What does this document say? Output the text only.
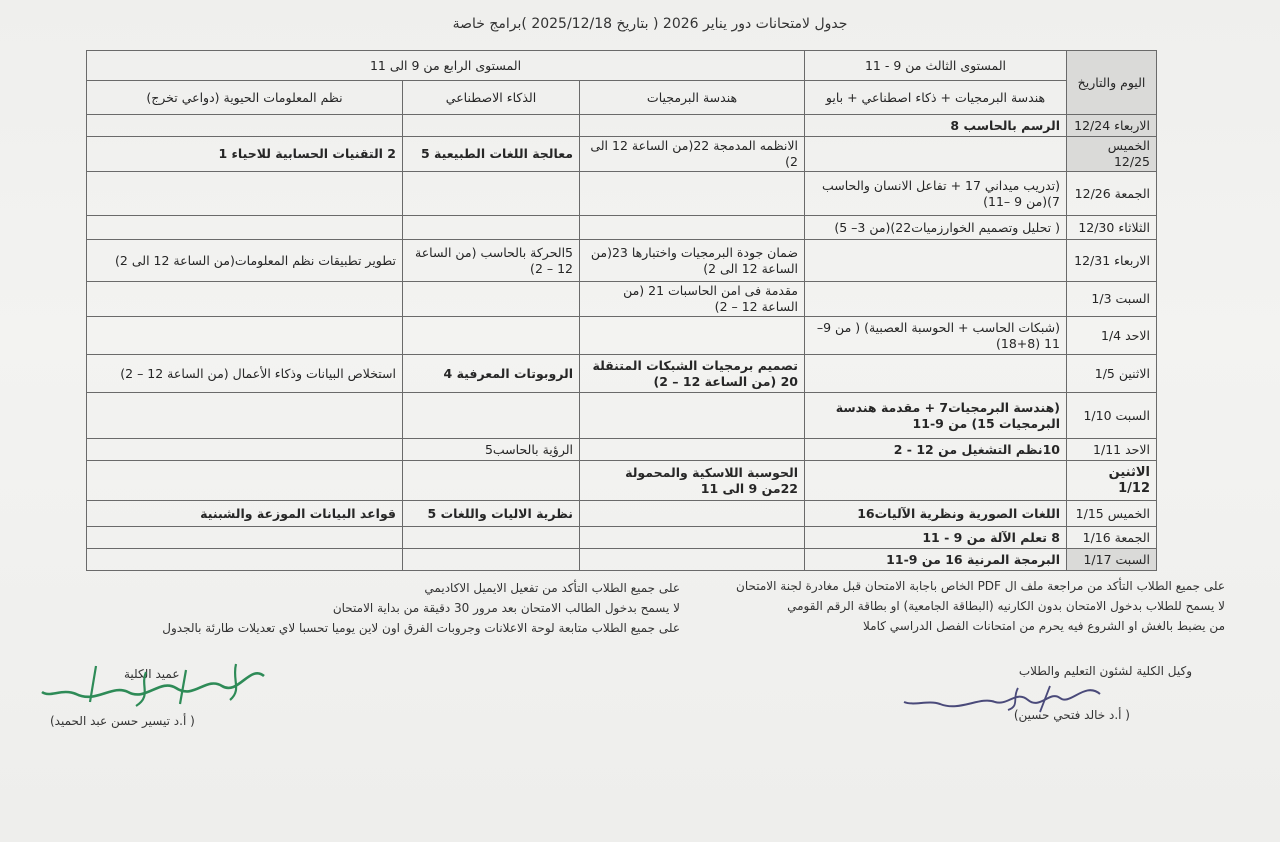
جدول لامتحانات دور يناير 2026 ( بتاريخ 2025/12/18 )برامج خاصة
اليوم والتاريخ	المستوى الثالث من 9 - 11	المستوى الرابع من 9 الى 11		
	هندسة البرمجيات + ذكاء اصطناعي + بايو	هندسة البرمجيات	الذكاء الاصطناعي	نظم المعلومات الحيوية (دواعي تخرج)
الاربعاء 12/24	الرسم بالحاسب 8			
الخميس 12/25		الانظمه المدمجة 22(من الساعة 12 الى 2)	معالجة اللغات الطبيعية 5	2 التقنيات الحسابية للاحياء 1
الجمعة 12/26	(تدريب ميداني 17 + تفاعل الانسان والحاسب 7)(من 9 –11)			
الثلاثاء 12/30	( تحليل وتصميم الخوارزميات22)(من 3– 5)			
الاربعاء 12/31		ضمان جودة البرمجيات واختبارها 23(من الساعة 12 الى 2)	5الحركة بالحاسب (من الساعة 12 – 2)	تطوير تطبيقات نظم المعلومات(من الساعة 12 الى 2)
السبت 1/3		مقدمة فى امن الحاسبات 21 (من الساعة 12 – 2)		
الاحد 1/4	(شبكات الحاسب + الحوسبة العصبية) ( من 9– 11 (8+18)			
الاثنين 1/5		تصميم برمجيات الشبكات المتنقلة 20 (من الساعة 12 – 2)	الروبوتات المعرفية 4	استخلاص البيانات وذكاء الأعمال (من الساعة 12 – 2)
السبت 1/10	(هندسة البرمجيات7 + مقدمة هندسة البرمجيات 15) من 9-11			
الاحد 1/11	10نظم التشغيل من 12 - 2		الرؤية بالحاسب5	
الاثنين 1/12		الحوسبة اللاسكية والمحمولة 22من 9 الى 11		
الخميس 1/15	اللغات الصورية ونظرية الآليات16		نظرية الاليات واللغات 5	قواعد البيانات الموزعة والشبنية
الجمعة 1/16	8 تعلم الآلة من 9 - 11			
السبت 1/17	البرمجة المرنية 16 من 9-11			
على جميع الطلاب التأكد من مراجعة ملف ال PDF الخاص باجابة الامتحان قبل مغادرة لجنة الامتحان
لا يسمح للطلاب بدخول الامتحان بدون الكارنيه (البطاقة الجامعية) او بطاقة الرقم القومي
من يضبط بالغش او الشروع فيه يحرم من امتحانات الفصل الدراسي كاملا
على جميع الطلاب التأكد من تفعيل الايميل الاكاديمي
لا يسمح بدخول الطالب الامتحان بعد مرور 30 دقيقة من بداية الامتحان
على جميع الطلاب متابعة لوحة الاعلانات وجروبات الفرق اون لاين يوميا تحسبا لاي تعديلات طارئة بالجدول
وكيل الكلية لشئون التعليم والطلاب
( أ.د خالد فتحي حسين)
عميد الكلية
( أ.د تيسير حسن عبد الحميد)
